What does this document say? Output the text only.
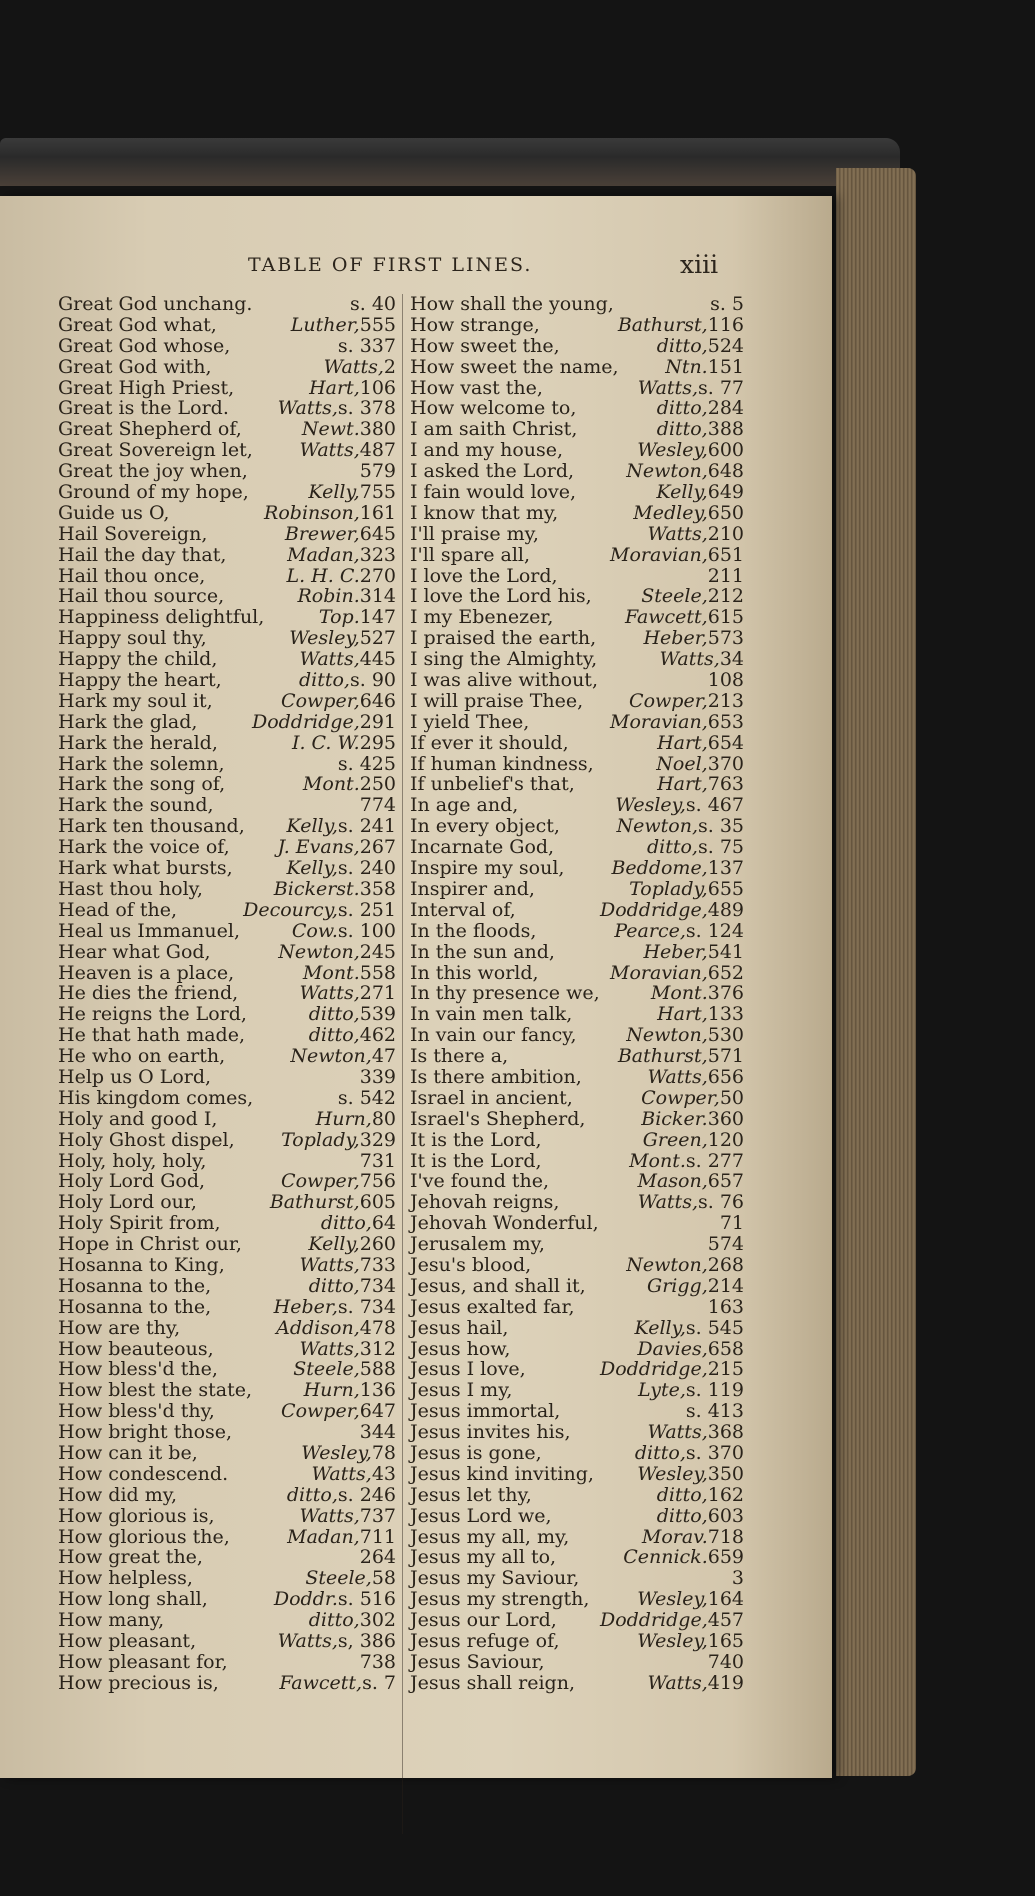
TABLE OF FIRST LINES.	xiii
Great God unchang.	s. 40
Great God what,	Luther,555
Great God whose,	s. 337
Great God with,	Watts,2
Great High Priest,	Hart,106
Great is the Lord.	Watts,s. 378
Great Shepherd of,	Newt.380
Great Sovereign let, Watts,487
Great the joy when,	579
Ground of my hope,	Kelly,755
Guide us O,	Robinson,161
Hail Sovereign,	Brewer,645
Hail the day that,	Madan,323
Hail thou once,	L. H. C.270
Hail thou source,	Robin.314
Happiness delightful,	Top.147
Happy soul thy,	Wesley,527
Happy the child,	Watts,445
Happy the heart,	ditto,s. 90
Hark my soul it,	Cowper,646
Hark the glad,	Doddridge,291
Hark the herald,	I. C. W.295
Hark the solemn,	s. 425
Hark the song of,	Mont.250
Hark the sound,	774
Hark ten thousand, Kelly,s. 241
Hark the voice of,	J. Evans,267
Hark what bursts,	Kelly,s. 240
Hast thou holy,	Bickerst.358
Head of the,	Decourcy,s. 251
Heal us Immanuel,	Cow.s. 100
Hear what God,	Newton,245
Heaven is a place,	Mont.558
He dies the friend,	Watts,271
He reigns the Lord,	ditto,539
He that hath made,	ditto,462
He who on earth,	Newton,47
Help us O Lord,	339
His kingdom comes,	s. 542
Holy and good I,	Hurn,80
Holy Ghost dispel, Toplady,329
Holy, holy, holy,	731
Holy Lord God,	Cowper,756
Holy Lord our,	Bathurst,605
Holy Spirit from,	ditto,64
Hope in Christ our,	Kelly,260
Hosanna to King,	Watts,733
Hosanna to the,	ditto,734
Hosanna to the,	Heber,s. 734
How are thy,	Addison,478
How beauteous,	Watts,312
How bless'd the,	Steele,588
How blest the state,	Hurn,136
How bless'd thy,	Cowper,647
How bright those,	344
How can it be,	Wesley,78
How condescend.	Watts,43
How did my,	ditto,s. 246
How glorious is,	Watts,737
How glorious the,	Madan,711
How great the,	264
How helpless,	Steele,58
How long shall,	Doddr.s. 516
How many,	ditto,302
How pleasant,	Watts,s, 386
How pleasant for,	738
How precious is,	Fawcett,s. 7
How shall the young,	s. 5
How strange,	Bathurst,116
How sweet the,	ditto,524
How sweet the name, Ntn.151
How vast the,	Watts,s. 77
How welcome to,	ditto,284
I am saith Christ,	ditto,388
I and my house,	Wesley,600
I asked the Lord,	Newton,648
I fain would love,	Kelly,649
I know that my,	Medley,650
I'll praise my,	Watts,210
I'll spare all,	Moravian,651
I love the Lord,	211
I love the Lord his,	Steele,212
I my Ebenezer,	Fawcett,615
I praised the earth, Heber,573
I sing the Almighty,	Watts,34
I was alive without,	108
I will praise Thee, Cowper,213
I yield Thee,	Moravian,653
If ever it should,	Hart,654
If human kindness,	Noel,370
If unbelief's that,	Hart,763
In age and,	Wesley,s. 467
In every object,	Newton,s. 35
Incarnate God,	ditto,s. 75
Inspire my soul, Beddome,137
Inspirer and,	Toplady,655
Interval of,	Doddridge,489
In the floods,	Pearce,s. 124
In the sun and,	Heber,541
In this world,	Moravian,652
In thy presence we,	Mont.376
In vain men talk,	Hart,133
In vain our fancy,	Newton,530
Is there a,	Bathurst,571
Is there ambition,	Watts,656
Israel in ancient,	Cowper,50
Israel's Shepherd,	Bicker.360
It is the Lord,	Green,120
It is the Lord,	Mont.s. 277
I've found the,	Mason,657
Jehovah reigns,	Watts,s. 76
Jehovah Wonderful,	71
Jerusalem my,	574
Jesu's blood,	Newton,268
Jesus, and shall it,	Grigg,214
Jesus exalted far,	163
Jesus hail,	Kelly,s. 545
Jesus how,	Davies,658
Jesus I love,	Doddridge,215
Jesus I my,	Lyte,s. 119
Jesus immortal,	s. 413
Jesus invites his,	Watts,368
Jesus is gone,	ditto,s. 370
Jesus kind inviting, Wesley,350
Jesus let thy,	ditto,162
Jesus Lord we,	ditto,603
Jesus my all, my,	Morav.718
Jesus my all to,	Cennick.659
Jesus my Saviour,	3
Jesus my strength,	Wesley,164
Jesus our Lord, Doddridge,457
Jesus refuge of,	Wesley,165
Jesus Saviour,	740
Jesus shall reign,	Watts,419
